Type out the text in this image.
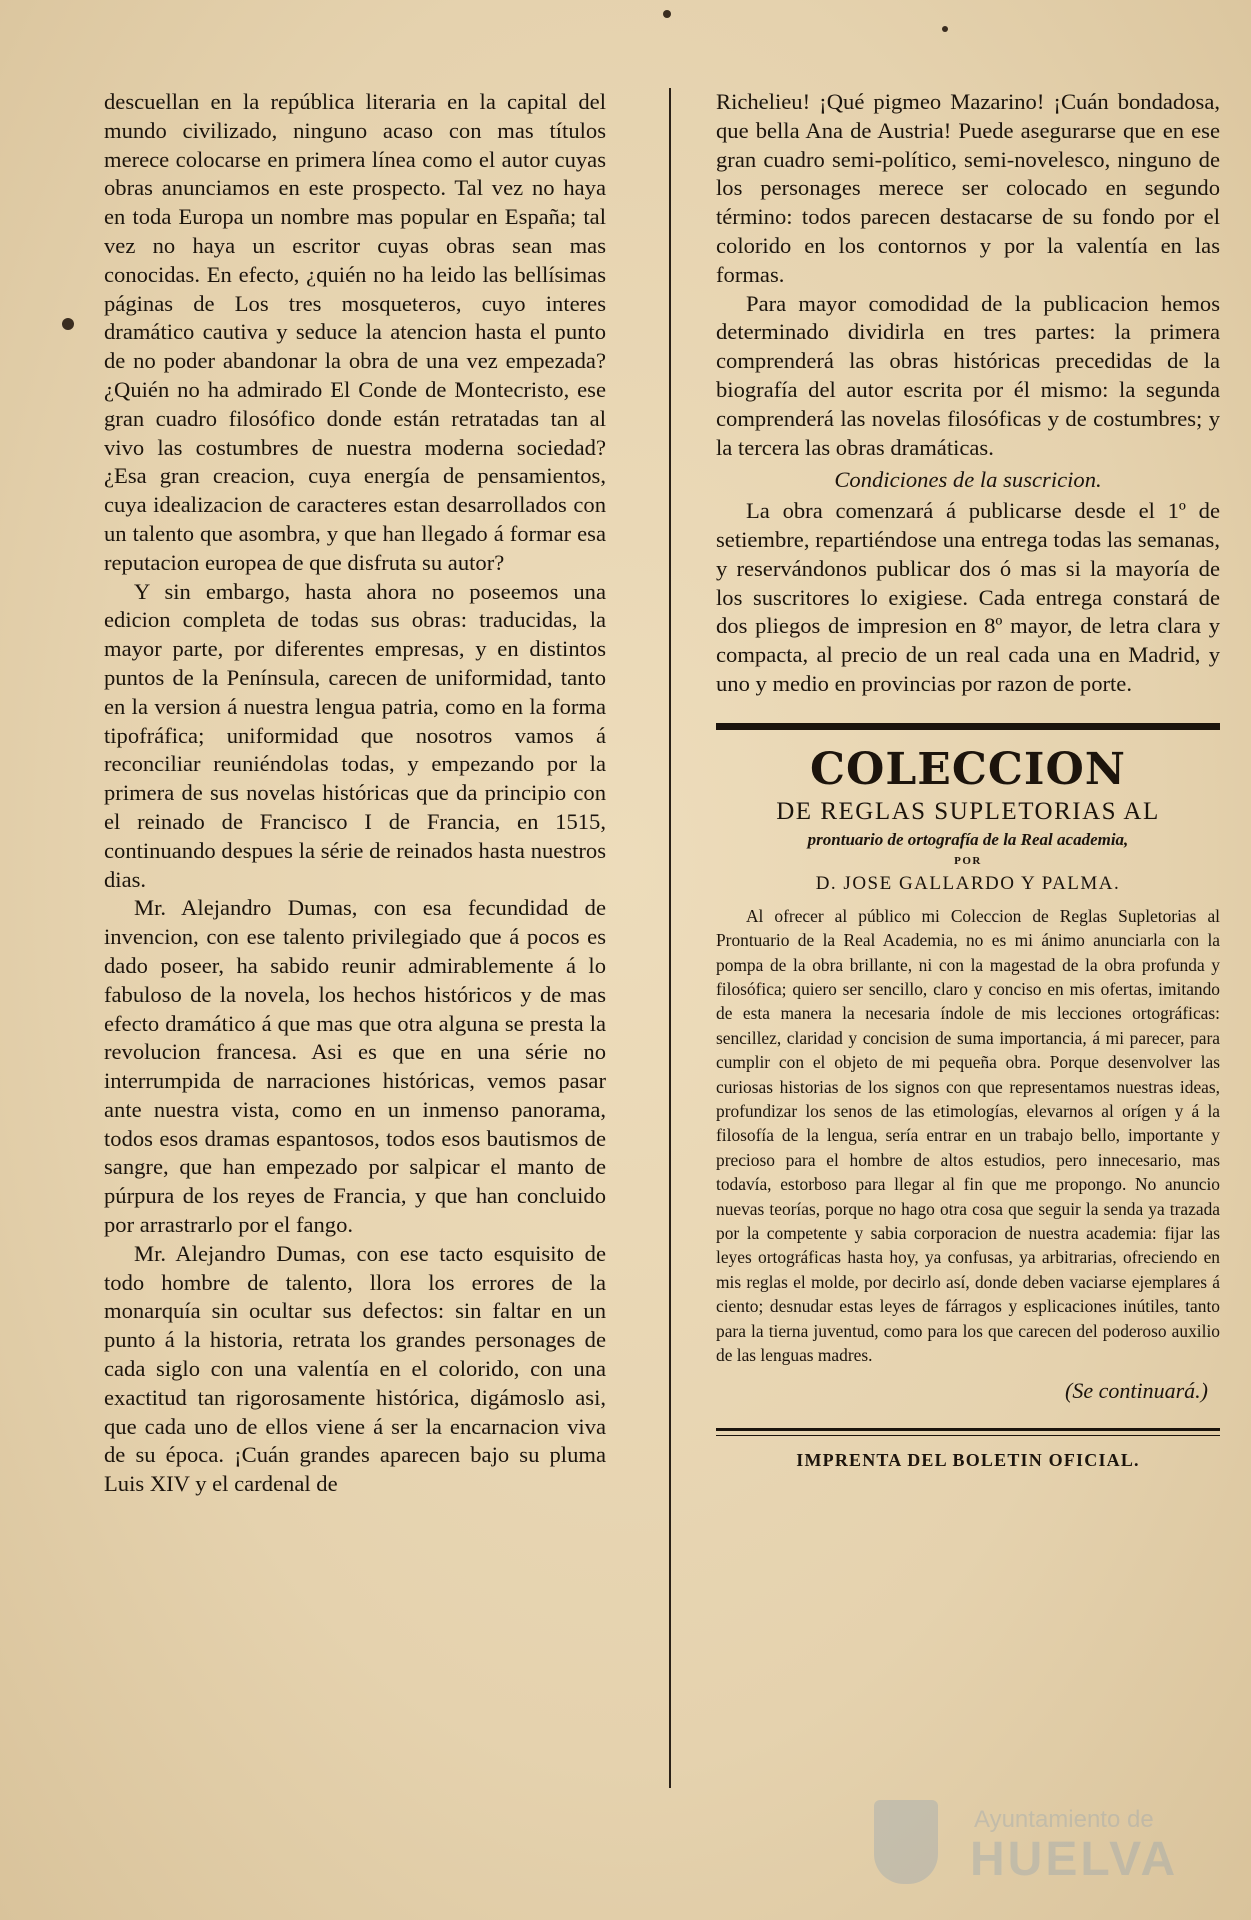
descuellan en la república literaria en la capital del mundo civilizado, ninguno acaso con mas títulos merece colocarse en primera línea como el autor cuyas obras anunciamos en este prospecto. Tal vez no haya en toda Europa un nombre mas popular en España; tal vez no haya un escritor cuyas obras sean mas conocidas. En efecto, ¿quién no ha leido las bellísimas páginas de Los tres mosqueteros, cuyo interes dramático cautiva y seduce la atencion hasta el punto de no poder abandonar la obra de una vez empezada? ¿Quién no ha admirado El Conde de Montecristo, ese gran cuadro filosófico donde están retratadas tan al vivo las costumbres de nuestra moderna sociedad? ¿Esa gran creacion, cuya energía de pensamientos, cuya idealizacion de caracteres estan desarrollados con un talento que asombra, y que han llegado á formar esa reputacion europea de que disfruta su autor?

Y sin embargo, hasta ahora no poseemos una edicion completa de todas sus obras: traducidas, la mayor parte, por diferentes empresas, y en distintos puntos de la Península, carecen de uniformidad, tanto en la version á nuestra lengua patria, como en la forma tipofráfica; uniformidad que nosotros vamos á reconciliar reuniéndolas todas, y empezando por la primera de sus novelas históricas que da principio con el reinado de Francisco I de Francia, en 1515, continuando despues la série de reinados hasta nuestros dias.

Mr. Alejandro Dumas, con esa fecundidad de invencion, con ese talento privilegiado que á pocos es dado poseer, ha sabido reunir admirablemente á lo fabuloso de la novela, los hechos históricos y de mas efecto dramático á que mas que otra alguna se presta la revolucion francesa. Asi es que en una série no interrumpida de narraciones históricas, vemos pasar ante nuestra vista, como en un inmenso panorama, todos esos dramas espantosos, todos esos bautismos de sangre, que han empezado por salpicar el manto de púrpura de los reyes de Francia, y que han concluido por arrastrarlo por el fango.

Mr. Alejandro Dumas, con ese tacto esquisito de todo hombre de talento, llora los errores de la monarquía sin ocultar sus defectos: sin faltar en un punto á la historia, retrata los grandes personages de cada siglo con una valentía en el colorido, con una exactitud tan rigorosamente histórica, digámoslo asi, que cada uno de ellos viene á ser la encarnacion viva de su época. ¡Cuán grandes aparecen bajo su pluma Luis XIV y el cardenal de

Richelieu! ¡Qué pigmeo Mazarino! ¡Cuán bondadosa, que bella Ana de Austria! Puede asegurarse que en ese gran cuadro semi-político, semi-novelesco, ninguno de los personages merece ser colocado en segundo término: todos parecen destacarse de su fondo por el colorido en los contornos y por la valentía en las formas.

Para mayor comodidad de la publicacion hemos determinado dividirla en tres partes: la primera comprenderá las obras históricas precedidas de la biografía del autor escrita por él mismo: la segunda comprenderá las novelas filosóficas y de costumbres; y la tercera las obras dramáticas.

Condiciones de la suscricion.

La obra comenzará á publicarse desde el 1º de setiembre, repartiéndose una entrega todas las semanas, y reservándonos publicar dos ó mas si la mayoría de los suscritores lo exigiese. Cada entrega constará de dos pliegos de impresion en 8º mayor, de letra clara y compacta, al precio de un real cada una en Madrid, y uno y medio en provincias por razon de porte.

COLECCION
DE REGLAS SUPLETORIAS AL
prontuario de ortografía de la Real academia,
POR
D. JOSE GALLARDO Y PALMA.

Al ofrecer al público mi Coleccion de Reglas Supletorias al Prontuario de la Real Academia, no es mi ánimo anunciarla con la pompa de la obra brillante, ni con la magestad de la obra profunda y filosófica; quiero ser sencillo, claro y conciso en mis ofertas, imitando de esta manera la necesaria índole de mis lecciones ortográficas: sencillez, claridad y concision de suma importancia, á mi parecer, para cumplir con el objeto de mi pequeña obra. Porque desenvolver las curiosas historias de los signos con que representamos nuestras ideas, profundizar los senos de las etimologías, elevarnos al orígen y á la filosofía de la lengua, sería entrar en un trabajo bello, importante y precioso para el hombre de altos estudios, pero innecesario, mas todavía, estorboso para llegar al fin que me propongo. No anuncio nuevas teorías, porque no hago otra cosa que seguir la senda ya trazada por la competente y sabia corporacion de nuestra academia: fijar las leyes ortográficas hasta hoy, ya confusas, ya arbitrarias, ofreciendo en mis reglas el molde, por decirlo así, donde deben vaciarse ejemplares á ciento; desnudar estas leyes de fárragos y esplicaciones inútiles, tanto para la tierna juventud, como para los que carecen del poderoso auxilio de las lenguas madres.

(Se continuará.)
IMPRENTA DEL BOLETIN OFICIAL.
Ayuntamiento de
HUELVA
